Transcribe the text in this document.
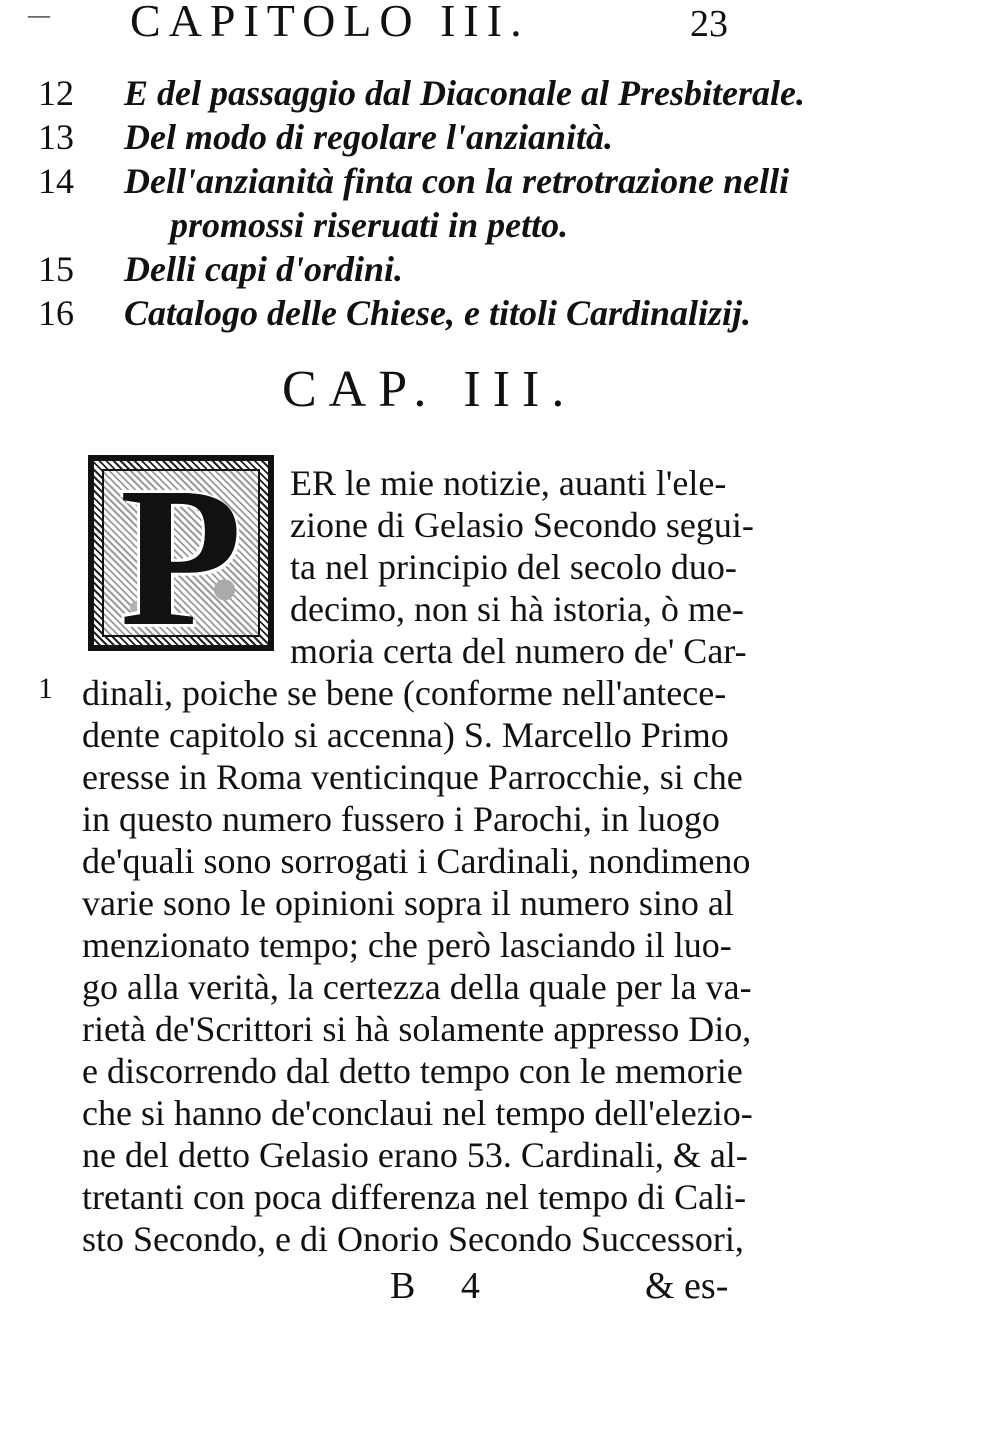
— CAPITOLO III.	23
12 E del passaggio dal Diaconale al Presbiterale.
13 Del modo di regolare l'anzianità.
14 Dell'anzianità finta con la retrotrazione nelli
promossi riseruati in petto.
15 Delli capi d'ordini.
16 Catalogo delle Chiese, e titoli Cardinalizij.
CAP. III.
P
1
ER le mie notizie, auanti l'ele-
zione di Gelasio Secondo segui-
ta nel principio del secolo duo-
decimo, non si hà istoria, ò me-
moria certa del numero de' Car-
dinali, poiche se bene (conforme nell'antece-
dente capitolo si accenna) S. Marcello Primo
eresse in Roma venticinque Parrocchie, si che
in questo numero fussero i Parochi, in luogo
de'quali sono sorrogati i Cardinali, nondimeno
varie sono le opinioni sopra il numero sino al
menzionato tempo; che però lasciando il luo-
go alla verità, la certezza della quale per la va-
rietà de'Scrittori si hà solamente appresso Dio,
e discorrendo dal detto tempo con le memorie
che si hanno de'conclaui nel tempo dell'elezio-
ne del detto Gelasio erano 53. Cardinali, & al-
tretanti con poca differenza nel tempo di Cali-
sto Secondo, e di Onorio Secondo Successori,
B 4	& es-
